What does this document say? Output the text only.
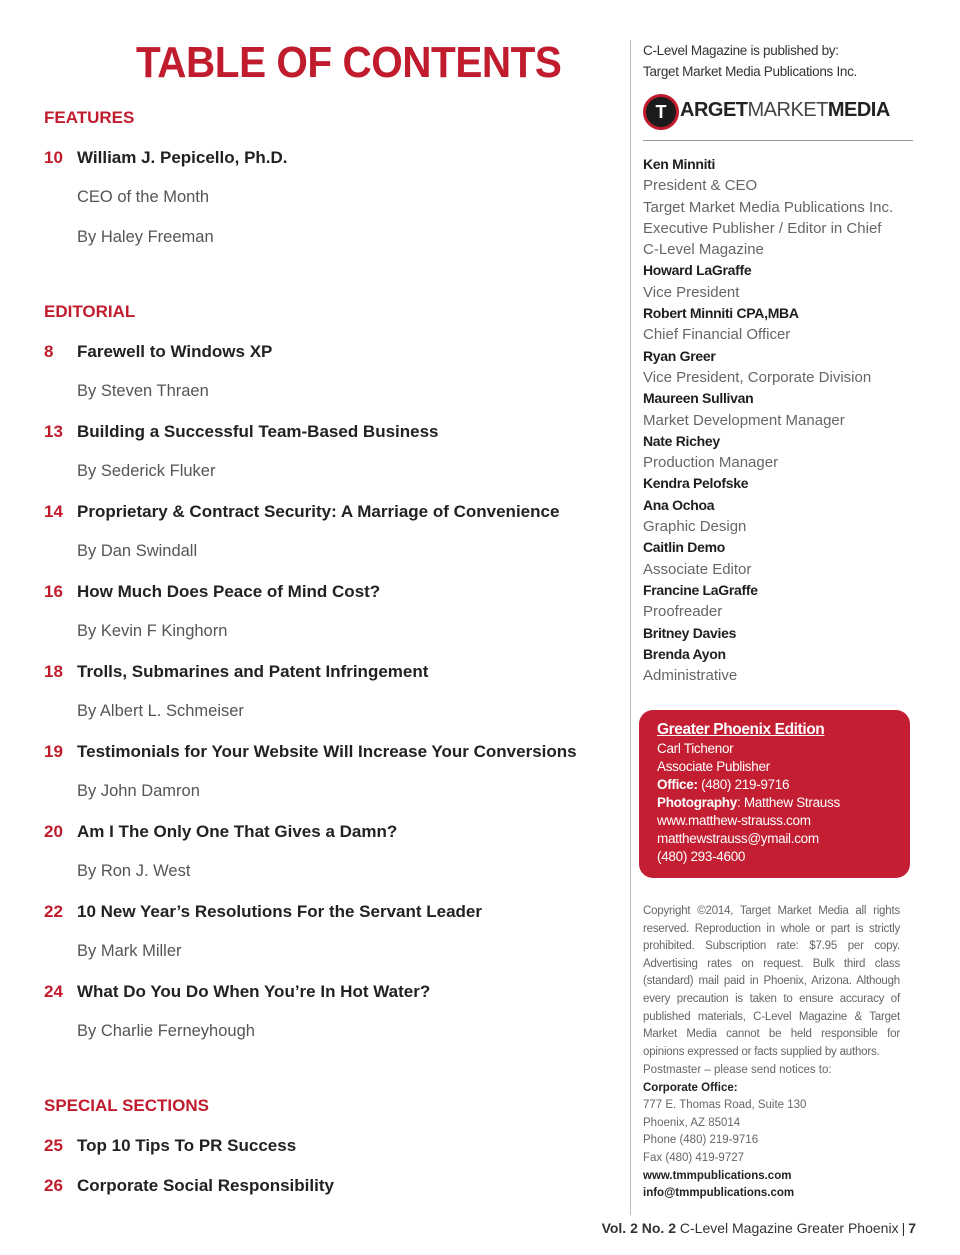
TABLE OF CONTENTS
FEATURES
10 William J. Pepicello, Ph.D.
CEO of the Month
By Haley Freeman
EDITORIAL
8 Farewell to Windows XP
By Steven Thraen
13 Building a Successful Team-Based Business
By Sederick Fluker
14 Proprietary & Contract Security: A Marriage of Convenience
By Dan Swindall
16 How Much Does Peace of Mind Cost?
By Kevin F Kinghorn
18 Trolls, Submarines and Patent Infringement
By Albert L. Schmeiser
19 Testimonials for Your Website Will Increase Your Conversions
By John Damron
20 Am I The Only One That Gives a Damn?
By Ron J. West
22 10 New Year’s Resolutions For the Servant Leader
By Mark Miller
24 What Do You Do When You’re In Hot Water?
By Charlie Ferneyhough
SPECIAL SECTIONS
25 Top 10 Tips To PR Success
26 Corporate Social Responsibility
C-Level Magazine is published by:
Target Market Media Publications Inc.
T ARGETMARKETMEDIA
Ken Minniti
President & CEO
Target Market Media Publications Inc.
Executive Publisher / Editor in Chief
C-Level Magazine
Howard LaGraffe
Vice President
Robert Minniti CPA,MBA
Chief Financial Officer
Ryan Greer
Vice President, Corporate Division
Maureen Sullivan
Market Development Manager
Nate Richey
Production Manager
Kendra Pelofske
Ana Ochoa
Graphic Design
Caitlin Demo
Associate Editor
Francine LaGraffe
Proofreader
Britney Davies
Brenda Ayon
Administrative
Greater Phoenix Edition
Carl Tichenor
Associate Publisher
Office: (480) 219-9716
Photography: Matthew Strauss
www.matthew-strauss.com
matthewstrauss@ymail.com
(480) 293-4600
Copyright ©2014, Target Market Media all rights reserved. Reproduction in whole or part is strictly prohibited. Subscription rate: $7.95 per copy. Advertising rates on request. Bulk third class (standard) mail paid in Phoenix, Arizona. Although every precaution is taken to ensure accuracy of published materials, C-Level Magazine & Target Market Media cannot be held responsible for opinions expressed or facts supplied by authors.
Postmaster – please send notices to:
Corporate Office:
777 E. Thomas Road, Suite 130
Phoenix, AZ 85014
Phone (480) 219-9716
Fax (480) 419-9727
www.tmmpublications.com
info@tmmpublications.com
Vol. 2 No. 2 C-Level Magazine Greater Phoenix | 7
